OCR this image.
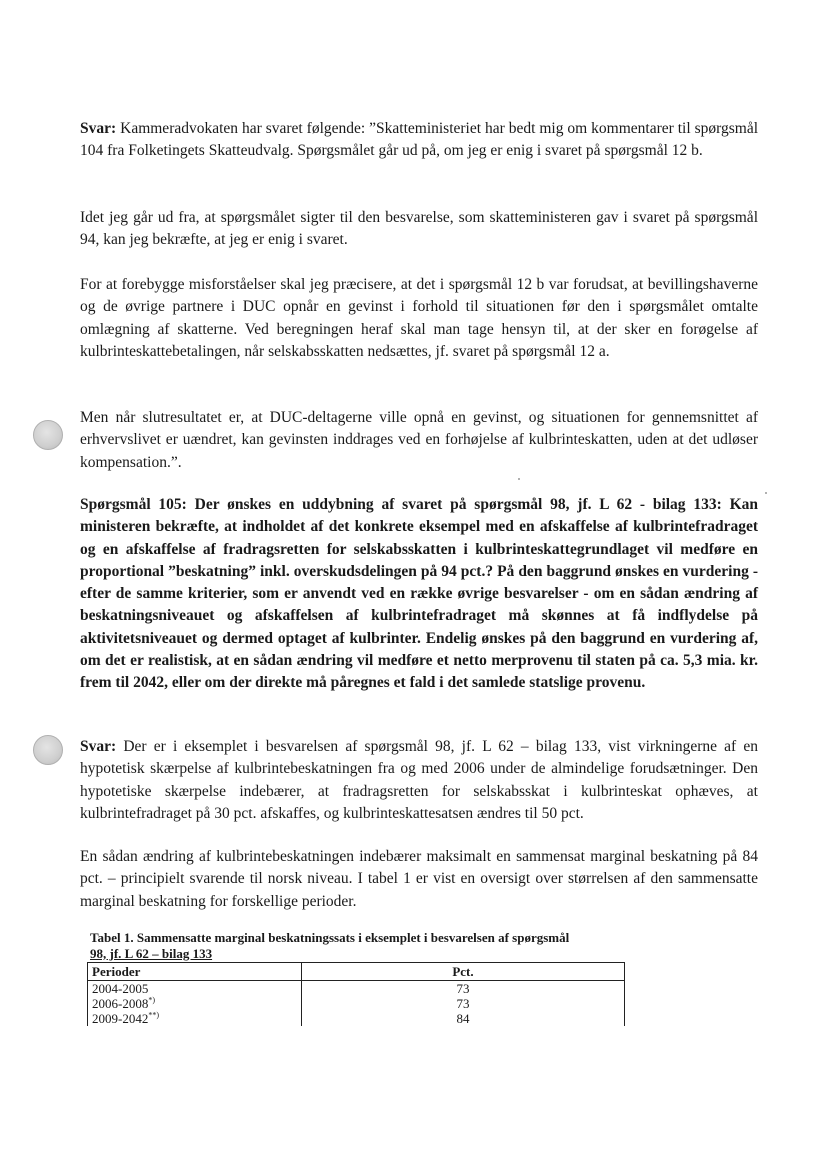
Svar: Kammeradvokaten har svaret følgende: ”Skatteministeriet har bedt mig om kommentarer til spørgsmål 104 fra Folketingets Skatteudvalg. Spørgsmålet går ud på, om jeg er enig i svaret på spørgsmål 12 b.

Idet jeg går ud fra, at spørgsmålet sigter til den besvarelse, som skatteministeren gav i svaret på spørgsmål 94, kan jeg bekræfte, at jeg er enig i svaret.

For at forebygge misforståelser skal jeg præcisere, at det i spørgsmål 12 b var forudsat, at bevillingshaverne og de øvrige partnere i DUC opnår en gevinst i forhold til situationen før den i spørgsmålet omtalte omlægning af skatterne. Ved beregningen heraf skal man tage hensyn til, at der sker en forøgelse af kulbrinteskattebetalingen, når selskabsskatten nedsættes, jf. svaret på spørgsmål 12 a.

Men når slutresultatet er, at DUC-deltagerne ville opnå en gevinst, og situationen for gennemsnittet af erhvervslivet er uændret, kan gevinsten inddrages ved en forhøjelse af kulbrinteskatten, uden at det udløser kompensation.”.

Spørgsmål 105: Der ønskes en uddybning af svaret på spørgsmål 98, jf. L 62 - bilag 133: Kan ministeren bekræfte, at indholdet af det konkrete eksempel med en afskaffelse af kulbrintefradraget og en afskaffelse af fradragsretten for selskabsskatten i kulbrinteskattegrundlaget vil medføre en proportional ”beskatning” inkl. overskudsdelingen på 94 pct.? På den baggrund ønskes en vurdering - efter de samme kriterier, som er anvendt ved en række øvrige besvarelser - om en sådan ændring af beskatningsniveauet og afskaffelsen af kulbrintefradraget må skønnes at få indflydelse på aktivitetsniveauet og dermed optaget af kulbrinter. Endelig ønskes på den baggrund en vurdering af, om det er realistisk, at en sådan ændring vil medføre et netto merprovenu til staten på ca. 5,3 mia. kr. frem til 2042, eller om der direkte må påregnes et fald i det samlede statslige provenu.

Svar: Der er i eksemplet i besvarelsen af spørgsmål 98, jf. L 62 – bilag 133, vist virkningerne af en hypotetisk skærpelse af kulbrintebeskatningen fra og med 2006 under de almindelige forudsætninger. Den hypotetiske skærpelse indebærer, at fradragsretten for selskabsskat i kulbrinteskat ophæves, at kulbrintefradraget på 30 pct. afskaffes, og kulbrinteskattesatsen ændres til 50 pct.

En sådan ændring af kulbrintebeskatningen indebærer maksimalt en sammensat marginal beskatning på 84 pct. – principielt svarende til norsk niveau. I tabel 1 er vist en oversigt over størrelsen af den sammensatte marginal beskatning for forskellige perioder.

Tabel 1. Sammensatte marginal beskatningssats i eksemplet i besvarelsen af spørgsmål
98, jf. L 62 – bilag 133
Perioder	Pct.
2004-2005	73
2006-2008*)	73
2009-2042**)	84
